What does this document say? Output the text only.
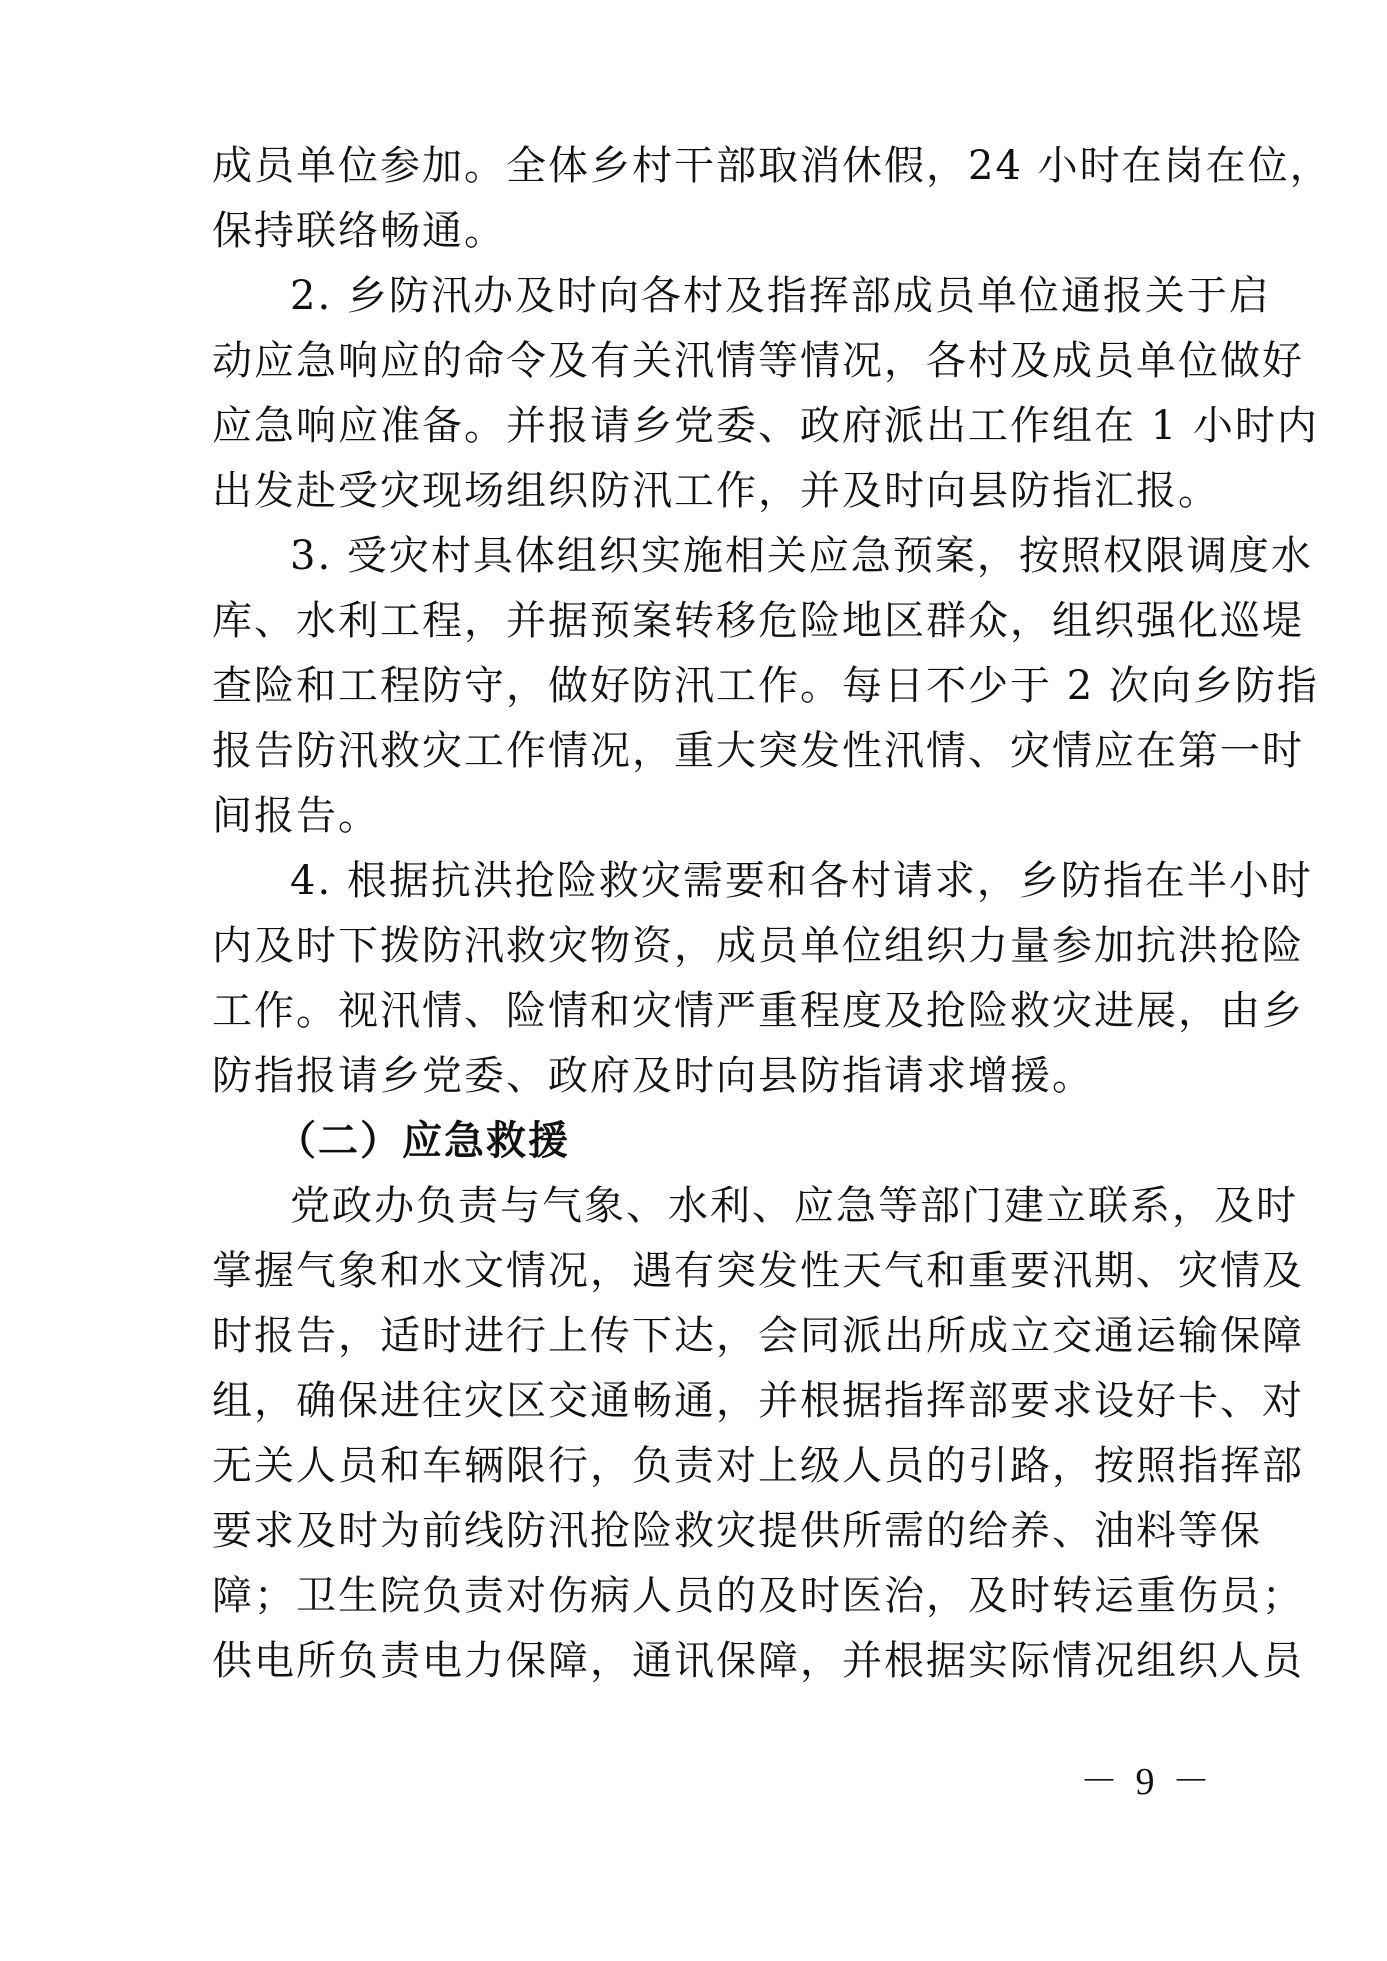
成员单位参加。全体乡村干部取消休假，24 小时在岗在位，
保持联络畅通。
2. 乡防汛办及时向各村及指挥部成员单位通报关于启
动应急响应的命令及有关汛情等情况，各村及成员单位做好
应急响应准备。并报请乡党委、政府派出工作组在 1 小时内
出发赴受灾现场组织防汛工作，并及时向县防指汇报。
3. 受灾村具体组织实施相关应急预案，按照权限调度水
库、水利工程，并据预案转移危险地区群众，组织强化巡堤
查险和工程防守，做好防汛工作。每日不少于 2 次向乡防指
报告防汛救灾工作情况，重大突发性汛情、灾情应在第一时
间报告。
4. 根据抗洪抢险救灾需要和各村请求，乡防指在半小时
内及时下拨防汛救灾物资，成员单位组织力量参加抗洪抢险
工作。视汛情、险情和灾情严重程度及抢险救灾进展，由乡
防指报请乡党委、政府及时向县防指请求增援。
（二）应急救援
党政办负责与气象、水利、应急等部门建立联系，及时
掌握气象和水文情况，遇有突发性天气和重要汛期、灾情及
时报告，适时进行上传下达，会同派出所成立交通运输保障
组，确保进往灾区交通畅通，并根据指挥部要求设好卡、对
无关人员和车辆限行，负责对上级人员的引路，按照指挥部
要求及时为前线防汛抢险救灾提供所需的给养、油料等保
障；卫生院负责对伤病人员的及时医治，及时转运重伤员；
供电所负责电力保障，通讯保障，并根据实际情况组织人员
－ 9 －
